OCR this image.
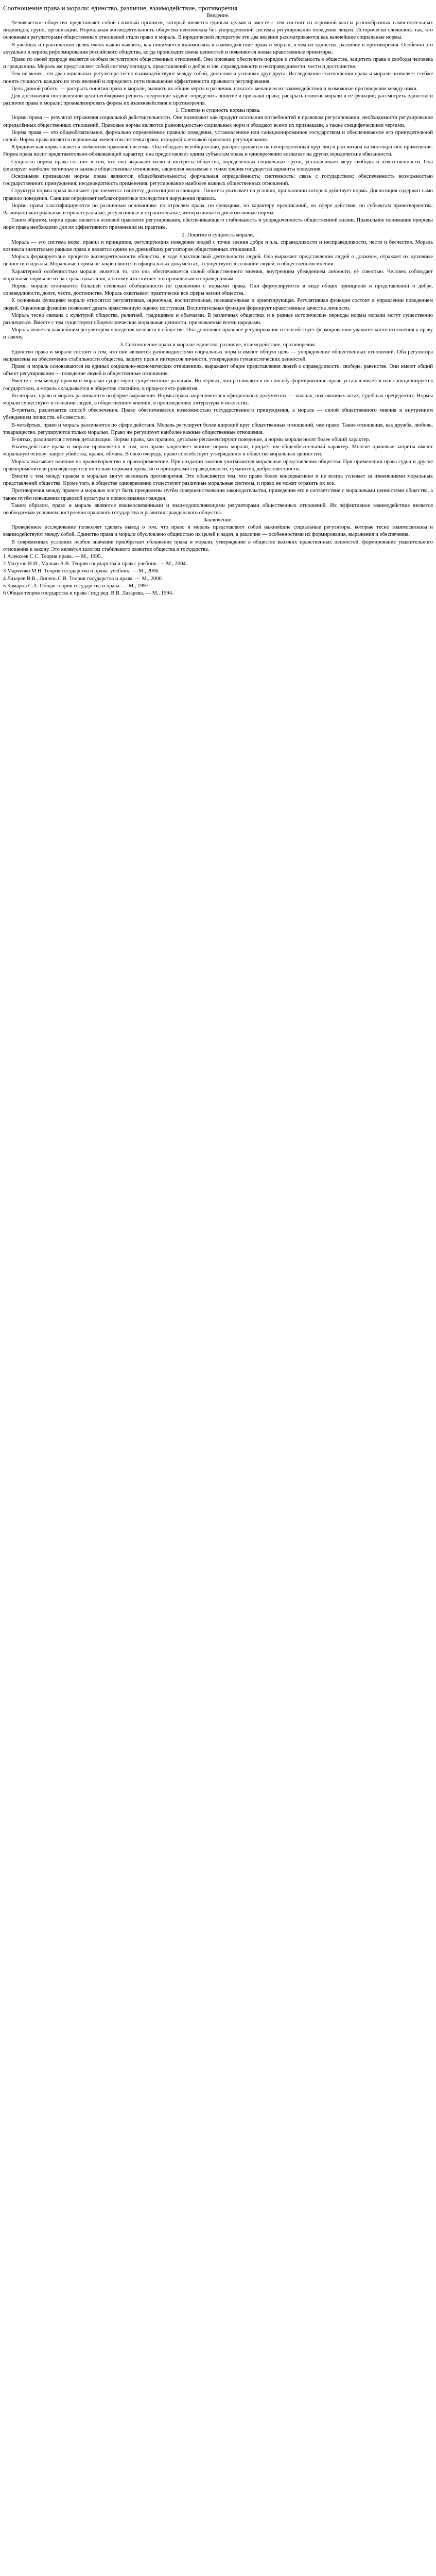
Соотношение права и морали: единство, различие, взаимодействие, противоречия
Введение.

Человеческое общество представляет собой сложный организм, который является единым целым и вместе с тем состоит из огромной массы разнообразных самостоятельных индивидов, групп, организаций. Нормальная жизнедеятельность общества невозможна без упорядоченной системы регулирования поведения людей. Исторически сложилось так, что основными регуляторами общественных отношений стали право и мораль. В юридической литературе эти два явления рассматриваются как важнейшие социальные нормы.

В учебных и практических целях очень важно выявить, как понимается взаимосвязь и взаимодействие права и морали, в чём их единство, различие и противоречия. Особенно это актуально в период реформирования российского общества, когда происходит смена ценностей и появляются новые нравственные ориентиры.

Право по своей природе является особым регулятором общественных отношений. Оно призвано обеспечить порядок и стабильность в обществе, защитить права и свободы человека и гражданина. Мораль же представляет собой систему взглядов, представлений о добре и зле, справедливости и несправедливости, чести и достоинстве.

Тем не менее, эти два социальных регулятора тесно взаимодействуют между собой, дополняя и усиливая друг друга. Исследование соотношения права и морали позволяет глубже понять сущность каждого из этих явлений и определить пути повышения эффективности правового регулирования.

Цель данной работы — раскрыть понятия права и морали, выявить их общие черты и различия, показать механизм их взаимодействия и возможные противоречия между ними.

Для достижения поставленной цели необходимо решить следующие задачи: определить понятие и признаки права; раскрыть понятие морали и её функции; рассмотреть единство и различие права и морали; проанализировать формы их взаимодействия и противоречия.

1. Понятие и сущность нормы права.

Нормы права — результат отражения социальной действительности. Они возникают как продукт осознания потребностей в правовом регулировании, необходимости регулирования определённых общественных отношений. Правовые нормы являются разновидностью социальных норм и обладают всеми их признаками, а также специфическими чертами.

Норма права — это общеобязательное, формально определённое правило поведения, установленное или санкционированное государством и обеспечиваемое его принудительной силой. Норма права является первичным элементом системы права, исходной клеточкой правового регулирования.

Юридическая норма является элементом правовой системы. Она обладает всеобщностью, распространяется на неопределённый круг лиц и рассчитана на многократное применение. Норма права носит представительно-обязывающий характер: она предоставляет одним субъектам права и одновременно возлагает на других юридические обязанности.

Сущность нормы права состоит в том, что она выражает волю и интересы общества, определённых социальных групп, устанавливает меру свободы и ответственности. Она фиксирует наиболее типичные и важные общественные отношения, закрепляя желаемые с точки зрения государства варианты поведения.

Основными признаками нормы права являются: общеобязательность; формальная определённость; системность; связь с государством; обеспеченность возможностью государственного принуждения; неоднократность применения; регулирование наиболее важных общественных отношений.

Структура нормы права включает три элемента: гипотезу, диспозицию и санкцию. Гипотеза указывает на условия, при наличии которых действует норма. Диспозиция содержит само правило поведения. Санкция определяет неблагоприятные последствия нарушения правила.

Нормы права классифицируются по различным основаниям: по отраслям права, по функциям, по характеру предписаний, по сфере действия, по субъектам правотворчества. Различают материальные и процессуальные, регулятивные и охранительные, императивные и диспозитивные нормы.

Таким образом, норма права является основой правового регулирования, обеспечивающего стабильность и упорядоченность общественной жизни. Правильное понимание природы норм права необходимо для их эффективного применения на практике.

2. Понятие и сущность морали.

Мораль — это система норм, правил и принципов, регулирующих поведение людей с точки зрения добра и зла, справедливости и несправедливости, чести и бесчестия. Мораль возникла значительно раньше права и является одним из древнейших регуляторов общественных отношений.

Мораль формируется в процессе жизнедеятельности общества, в ходе практической деятельности людей. Она выражает представления людей о должном, отражает их духовные ценности и идеалы. Моральные нормы не закрепляются в официальных документах, а существуют в сознании людей, в общественном мнении.

Характерной особенностью морали является то, что она обеспечивается силой общественного мнения, внутренним убеждением личности, её совестью. Человек соблюдает моральные нормы не из-за страха наказания, а потому что считает это правильным и справедливым.

Нормы морали отличаются большей степенью обобщённости по сравнению с нормами права. Они формулируются в виде общих принципов и представлений о добре, справедливости, долге, чести, достоинстве. Мораль охватывает практически все сферы жизни общества.

К основным функциям морали относятся: регулятивная, оценочная, воспитательная, познавательная и ориентирующая. Регулятивная функция состоит в управлении поведением людей. Оценочная функция позволяет давать нравственную оценку поступкам. Воспитательная функция формирует нравственные качества личности.

Мораль тесно связана с культурой общества, религией, традициями и обычаями. В различных обществах и в разные исторические периоды нормы морали могут существенно различаться. Вместе с тем существуют общечеловеческие моральные ценности, признаваемые всеми народами.

Мораль является важнейшим регулятором поведения человека в обществе. Она дополняет правовое регулирование и способствует формированию уважительного отношения к праву и закону.

3. Соотношение права и морали: единство, различие, взаимодействие, противоречия.

Единство права и морали состоит в том, что они являются разновидностями социальных норм и имеют общую цель — упорядочение общественных отношений. Оба регулятора направлены на обеспечение стабильности общества, защиту прав и интересов личности, утверждение гуманистических ценностей.

Право и мораль основываются на единых социально-экономических отношениях, выражают общие представления людей о справедливости, свободе, равенстве. Они имеют общий объект регулирования — поведение людей и общественные отношения.

Вместе с тем между правом и моралью существуют существенные различия. Во-первых, они различаются по способу формирования: право устанавливается или санкционируется государством, а мораль складывается в обществе стихийно, в процессе его развития.

Во-вторых, право и мораль различаются по форме выражения. Нормы права закрепляются в официальных документах — законах, подзаконных актах, судебных прецедентах. Нормы морали существуют в сознании людей, в общественном мнении, в произведениях литературы и искусства.

В-третьих, различается способ обеспечения. Право обеспечивается возможностью государственного принуждения, а мораль — силой общественного мнения и внутренним убеждением личности, её совестью.

В-четвёртых, право и мораль различаются по сфере действия. Мораль регулирует более широкий круг общественных отношений, чем право. Такие отношения, как дружба, любовь, товарищество, регулируются только моралью. Право же регулирует наиболее важные общественные отношения.

В-пятых, различается степень детализации. Нормы права, как правило, детально регламентируют поведение, а нормы морали носят более общий характер.

Взаимодействие права и морали проявляется в том, что право закрепляет многие нормы морали, придаёт им общеобязательный характер. Многие правовые запреты имеют моральную основу: запрет убийства, кражи, обмана. В свою очередь, право способствует утверждению в обществе моральных ценностей.

Мораль оказывает влияние на правотворчество и правоприменение. При создании законов учитываются моральные представления общества. При применении права судьи и другие правоприменители руководствуются не только нормами права, но и принципами справедливости, гуманизма, добросовестности.

Вместе с тем между правом и моралью могут возникать противоречия. Это объясняется тем, что право более консервативно и не всегда успевает за изменениями моральных представлений общества. Кроме того, в обществе одновременно существуют различные моральные системы, и право не может отразить их все.

Противоречия между правом и моралью могут быть преодолены путём совершенствования законодательства, приведения его в соответствие с моральными ценностями общества, а также путём повышения правовой культуры и правосознания граждан.

Таким образом, право и мораль являются взаимосвязанными и взаимодополняющими регуляторами общественных отношений. Их эффективное взаимодействие является необходимым условием построения правового государства и развития гражданского общества.

Заключение.

Проведённое исследование позволяет сделать вывод о том, что право и мораль представляют собой важнейшие социальные регуляторы, которые тесно взаимосвязаны и взаимодействуют между собой. Единство права и морали обусловлено общностью их целей и задач, а различие — особенностями их формирования, выражения и обеспечения.

В современных условиях особое значение приобретает сближение права и морали, утверждение в обществе высоких нравственных ценностей, формирование уважительного отношения к закону. Это является залогом стабильного развития общества и государства.

1 Алексеев С.С. Теория права. — М., 1995.

2 Матузов Н.И., Малько А.В. Теория государства и права: учебник. — М., 2004.

3 Марченко М.Н. Теория государства и права: учебник. — М., 2006.

4 Лазарев В.В., Липень С.В. Теория государства и права. — М., 2000.

5 Комаров С.А. Общая теория государства и права. — М., 1997.

6 Общая теория государства и права / под ред. В.В. Лазарева. — М., 1994.
